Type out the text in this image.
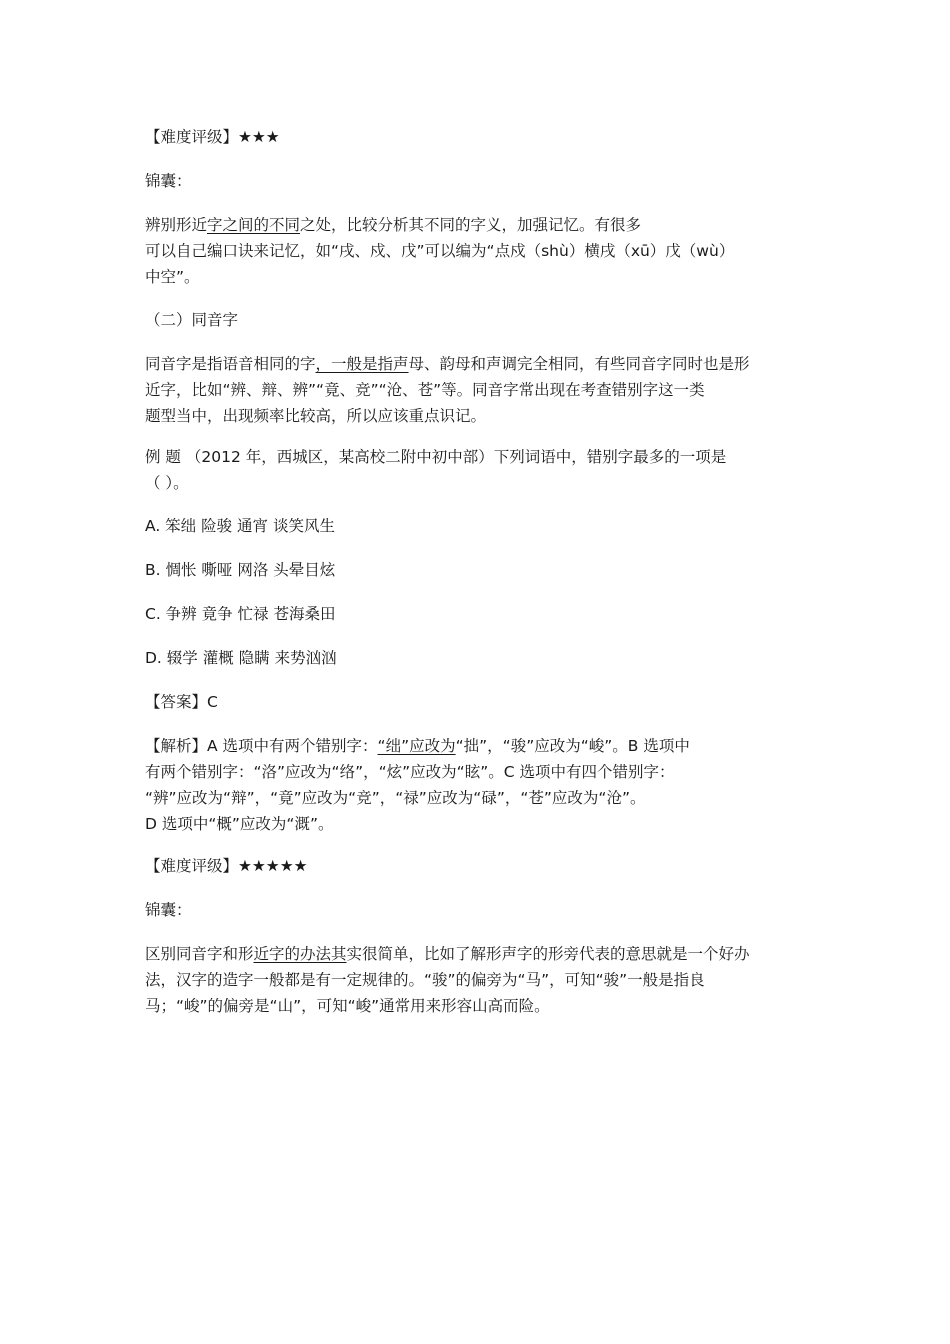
【难度评级】★★★
锦囊：
辨别形近字之间的不同之处，比较分析其不同的字义，加强记忆。有很多
可以自己编口诀来记忆，如“戌、戍、戊”可以编为“点戍（shù）横戌（xū）戊（wù）
中空”。
（二）同音字
同音字是指语音相同的字，一般是指声母、韵母和声调完全相同，有些同音字同时也是形
近字，比如“辨、辩、辨”“竟、竞”“沧、苍”等。同音字常出现在考查错别字这一类
题型当中，出现频率比较高，所以应该重点识记。
例 题 （2012 年，西城区，某高校二附中初中部）下列词语中，错别字最多的一项是
（ ）。
A. 笨绌 险骏 通宵 谈笑风生
B. 惆怅 嘶哑 网洛 头晕目炫
C. 争辨 竟争 忙禄 苍海桑田
D. 辍学 灌概 隐瞒 来势汹汹
【答案】C
【解析】A 选项中有两个错别字：“绌”应改为“拙”，“骏”应改为“峻”。B 选项中
有两个错别字：“洛”应改为“络”，“炫”应改为“眩”。C 选项中有四个错别字：
“辨”应改为“辩”，“竟”应改为“竞”，“禄”应改为“碌”，“苍”应改为“沧”。
D 选项中“概”应改为“溉”。
【难度评级】★★★★★
锦囊：
区别同音字和形近字的办法其实很简单，比如了解形声字的形旁代表的意思就是一个好办
法，汉字的造字一般都是有一定规律的。“骏”的偏旁为“马”，可知“骏”一般是指良
马；“峻”的偏旁是“山”，可知“峻”通常用来形容山高而险。
